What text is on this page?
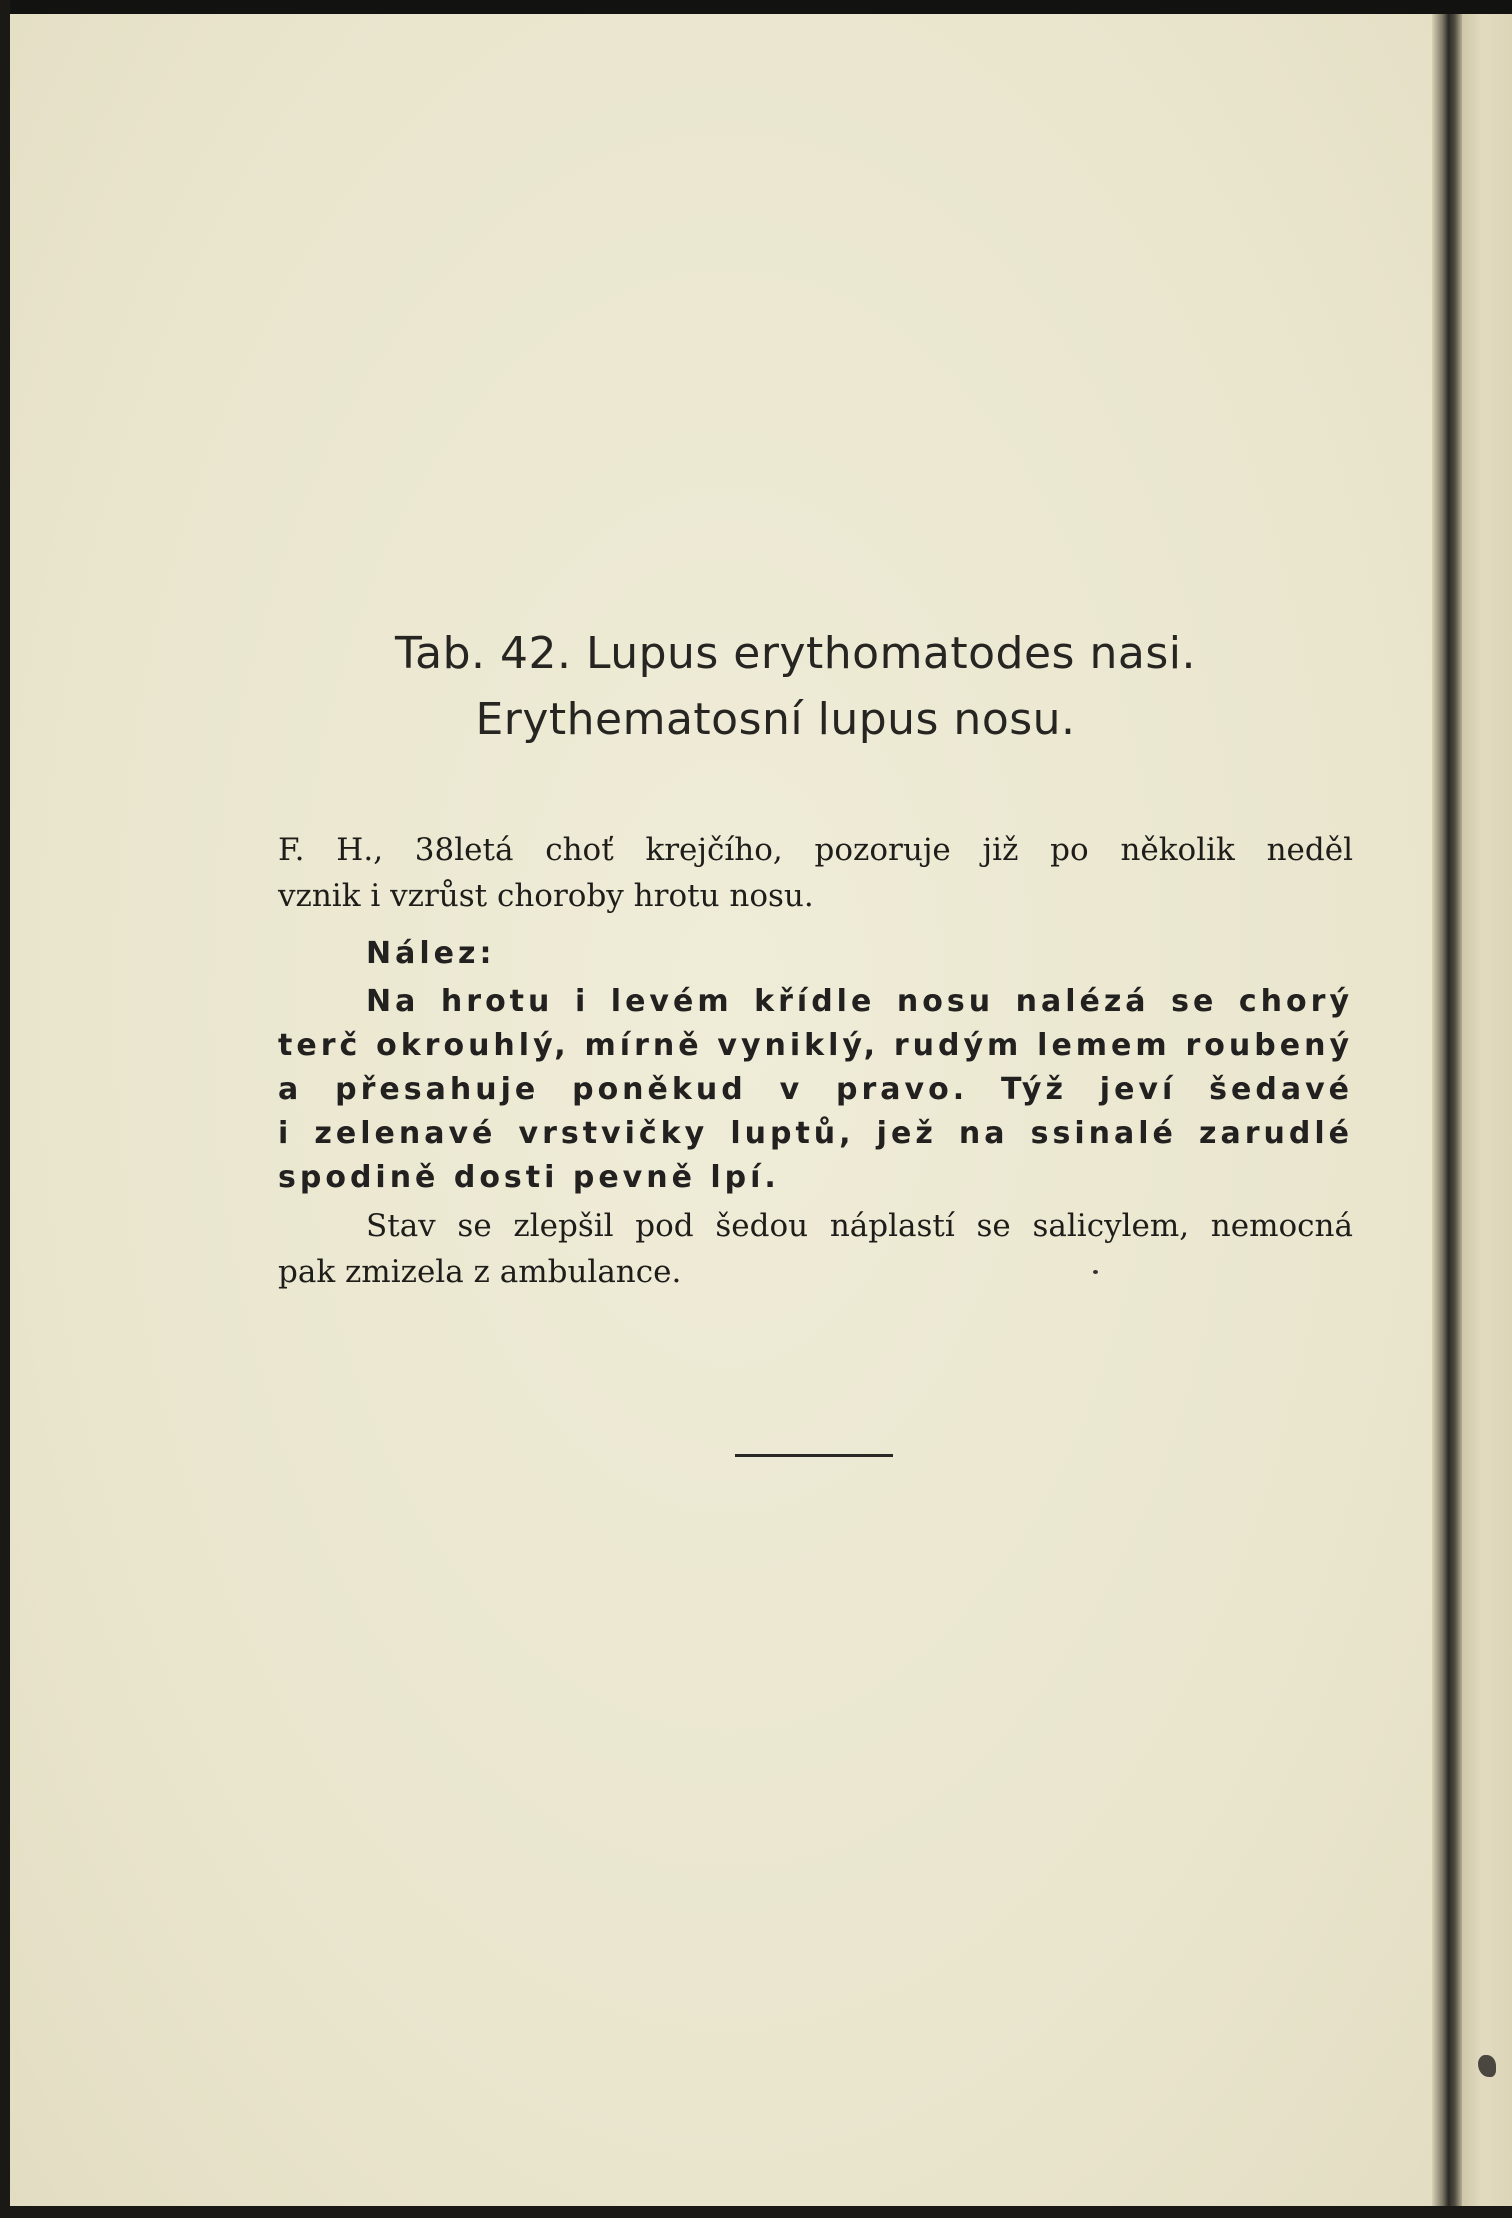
Tab. 42. Lupus erythomatodes nasi.
Erythematosní lupus nosu.
F. H., 38letá choť krejčího, pozoruje již po několik neděl
vznik i vzrůst choroby hrotu nosu.
Nález:
Na hrotu i levém křídle nosu nalézá se chorý
terč okrouhlý, mírně vyniklý, rudým lemem roubený
a přesahuje poněkud v pravo. Týž jeví šedavé
i zelenavé vrstvičky luptů, jež na ssinalé zarudlé
spodině dosti pevně lpí.
Stav se zlepšil pod šedou náplastí se salicylem, nemocná
pak zmizela z ambulance.
